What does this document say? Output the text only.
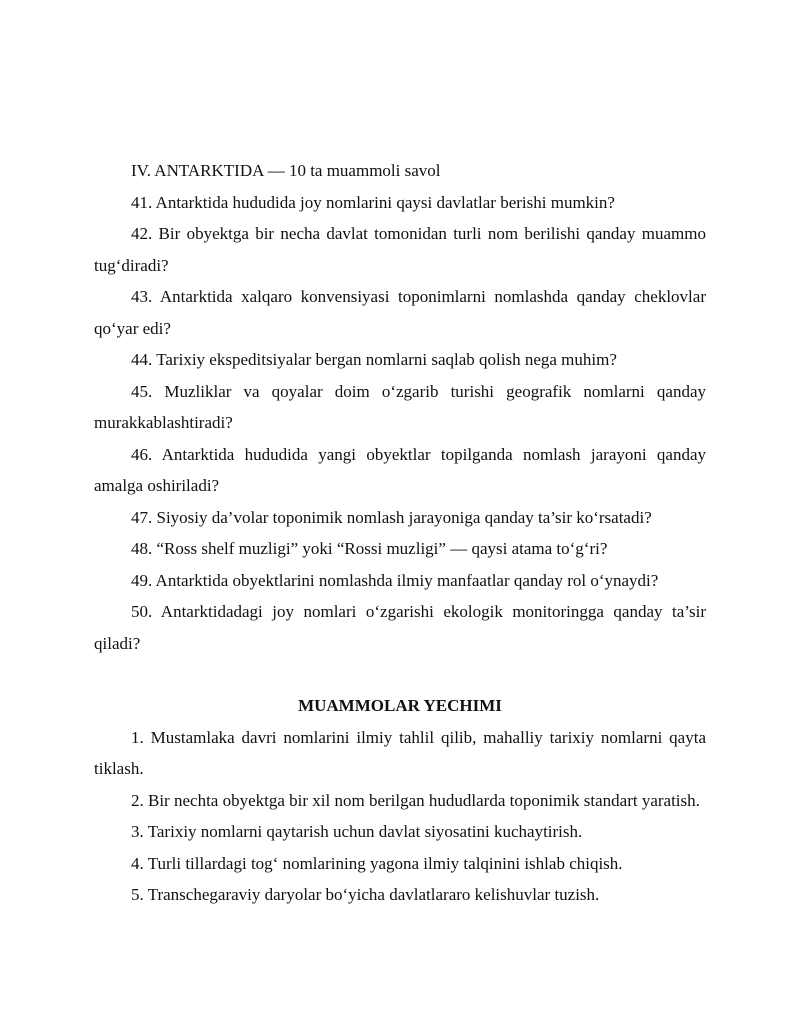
IV. ANTARKTIDA — 10 ta muammoli savol

41. Antarktida hududida joy nomlarini qaysi davlatlar berishi mumkin?

42. Bir obyektga bir necha davlat tomonidan turli nom berilishi qanday muammo tug‘diradi?

43. Antarktida xalqaro konvensiyasi toponimlarni nomlashda qanday cheklovlar qo‘yar edi?

44. Tarixiy ekspeditsiyalar bergan nomlarni saqlab qolish nega muhim?

45. Muzliklar va qoyalar doim o‘zgarib turishi geografik nomlarni qanday murakkablashtiradi?

46. Antarktida hududida yangi obyektlar topilganda nomlash jarayoni qanday amalga oshiriladi?

47. Siyosiy da’volar toponimik nomlash jarayoniga qanday ta’sir ko‘rsatadi?

48. “Ross shelf muzligi” yoki “Rossi muzligi” — qaysi atama to‘g‘ri?

49. Antarktida obyektlarini nomlashda ilmiy manfaatlar qanday rol o‘ynaydi?

50. Antarktidadagi joy nomlari o‘zgarishi ekologik monitoringga qanday ta’sir qiladi?

MUAMMOLAR YECHIMI

1. Mustamlaka davri nomlarini ilmiy tahlil qilib, mahalliy tarixiy nomlarni qayta tiklash.

2. Bir nechta obyektga bir xil nom berilgan hududlarda toponimik standart yaratish.

3. Tarixiy nomlarni qaytarish uchun davlat siyosatini kuchaytirish.

4. Turli tillardagi tog‘ nomlarining yagona ilmiy talqinini ishlab chiqish.

5. Transchegaraviy daryolar bo‘yicha davlatlararo kelishuvlar tuzish.
